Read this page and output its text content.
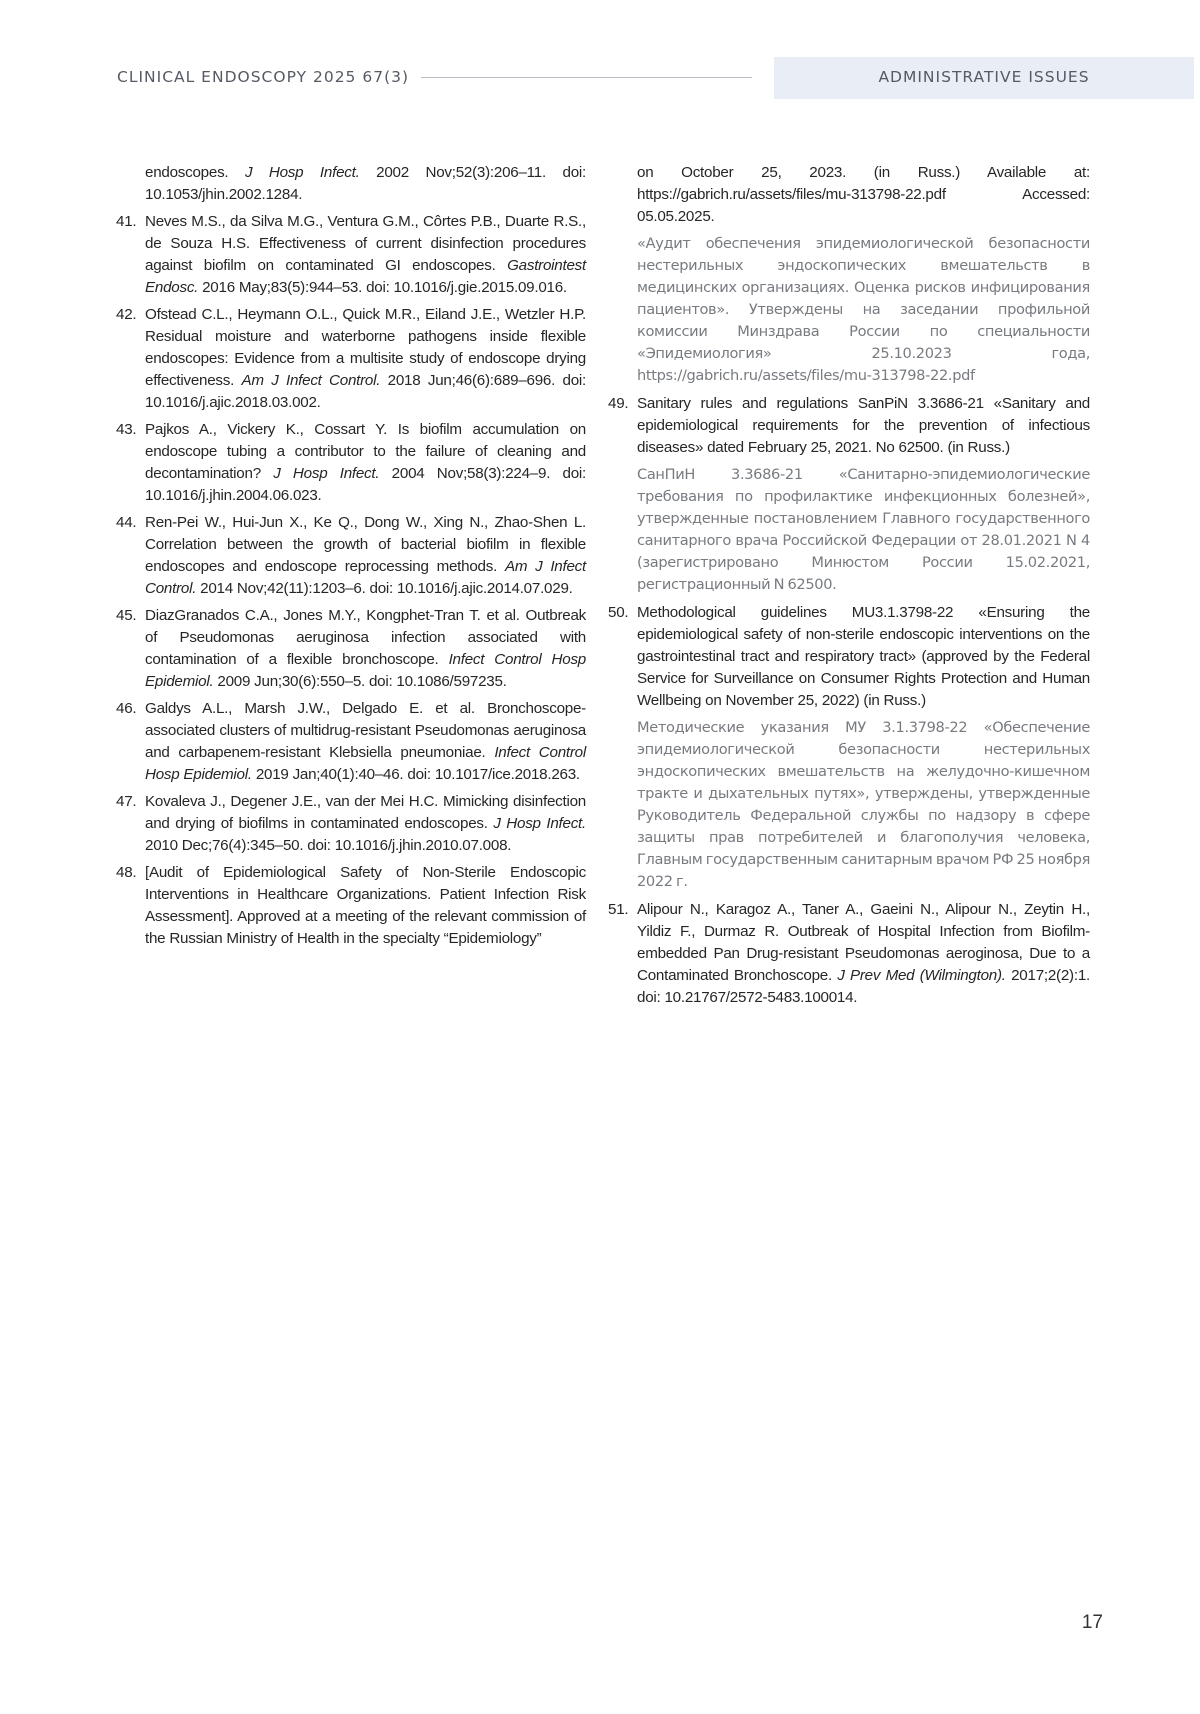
CLINICAL ENDOSCOPY 2025 67(3)	ADMINISTRATIVE ISSUES
endoscopes. J Hosp Infect. 2002 Nov;52(3):206–11. doi: 10.1053/jhin.2002.1284.
41. Neves M.S., da Silva M.G., Ventura G.M., Côrtes P.B., Duarte R.S., de Souza H.S. Effectiveness of current disinfection procedures against biofilm on contaminated GI endoscopes. Gastrointest Endosc. 2016 May;83(5):944–53. doi: 10.1016/j.gie.2015.09.016.
42. Ofstead C.L., Heymann O.L., Quick M.R., Eiland J.E., Wetzler H.P. Residual moisture and waterborne pathogens inside flexible endoscopes: Evidence from a multisite study of endoscope drying effectiveness. Am J Infect Control. 2018 Jun;46(6):689–696. doi: 10.1016/j.ajic.2018.03.002.
43. Pajkos A., Vickery K., Cossart Y. Is biofilm accumulation on endoscope tubing a contributor to the failure of cleaning and decontamination? J Hosp Infect. 2004 Nov;58(3):224–9. doi: 10.1016/j.jhin.2004.06.023.
44. Ren-Pei W., Hui-Jun X., Ke Q., Dong W., Xing N., Zhao-Shen L. Correlation between the growth of bacterial biofilm in flexible endoscopes and endoscope reprocessing methods. Am J Infect Control. 2014 Nov;42(11):1203–6. doi: 10.1016/j.ajic.2014.07.029.
45. DiazGranados C.A., Jones M.Y., Kongphet-Tran T. et al. Outbreak of Pseudomonas aeruginosa infection associated with contamination of a flexible bronchoscope. Infect Control Hosp Epidemiol. 2009 Jun;30(6):550–5. doi: 10.1086/597235.
46. Galdys A.L., Marsh J.W., Delgado E. et al. Bronchoscope-associated clusters of multidrug-resistant Pseudomonas aeruginosa and carbapenem-resistant Klebsiella pneumoniae. Infect Control Hosp Epidemiol. 2019 Jan;40(1):40–46. doi: 10.1017/ice.2018.263.
47. Kovaleva J., Degener J.E., van der Mei H.C. Mimicking disinfection and drying of biofilms in contaminated endoscopes. J Hosp Infect. 2010 Dec;76(4):345–50. doi: 10.1016/j.jhin.2010.07.008.
48. [Audit of Epidemiological Safety of Non-Sterile Endoscopic Interventions in Healthcare Organizations. Patient Infection Risk Assessment]. Approved at a meeting of the relevant commission of the Russian Ministry of Health in the specialty “Epidemiology”
on October 25, 2023. (in Russ.) Available at: https://gabrich.ru/assets/files/mu-313798-22.pdf Accessed: 05.05.2025.
«Аудит обеспечения эпидемиологической безопасности нестерильных эндоскопических вмешательств в медицинских организациях. Оценка рисков инфицирования пациентов». Утверждены на заседании профильной комиссии Минздрава России по специальности «Эпидемиология» 25.10.2023 года, https://gabrich.ru/assets/files/mu-313798-22.pdf
49. Sanitary rules and regulations SanPiN 3.3686-21 «Sanitary and epidemiological requirements for the prevention of infectious diseases» dated February 25, 2021. No 62500. (in Russ.)
СанПиН 3.3686-21 «Санитарно-эпидемиологические требования по профилактике инфекционных болезней», утвержденные постановлением Главного государственного санитарного врача Российской Федерации от 28.01.2021 N 4 (зарегистрировано Минюстом России 15.02.2021, регистрационный N 62500.
50. Methodological guidelines MU3.1.3798-22 «Ensuring the epidemiological safety of non-sterile endoscopic interventions on the gastrointestinal tract and respiratory tract» (approved by the Federal Service for Surveillance on Consumer Rights Protection and Human Wellbeing on November 25, 2022) (in Russ.)
Методические указания МУ 3.1.3798-22 «Обеспечение эпидемиологической безопасности нестерильных эндоскопических вмешательств на желудочно-кишечном тракте и дыхательных путях», утверждены, утвержденные Руководитель Федеральной службы по надзору в сфере защиты прав потребителей и благополучия человека, Главным государственным санитарным врачом РФ 25 ноября 2022 г.
51. Alipour N., Karagoz A., Taner A., Gaeini N., Alipour N., Zeytin H., Yildiz F., Durmaz R. Outbreak of Hospital Infection from Biofilm-embedded Pan Drug-resistant Pseudomonas aeroginosa, Due to a Contaminated Bronchoscope. J Prev Med (Wilmington). 2017;2(2):1. doi: 10.21767/2572-5483.100014.
17
